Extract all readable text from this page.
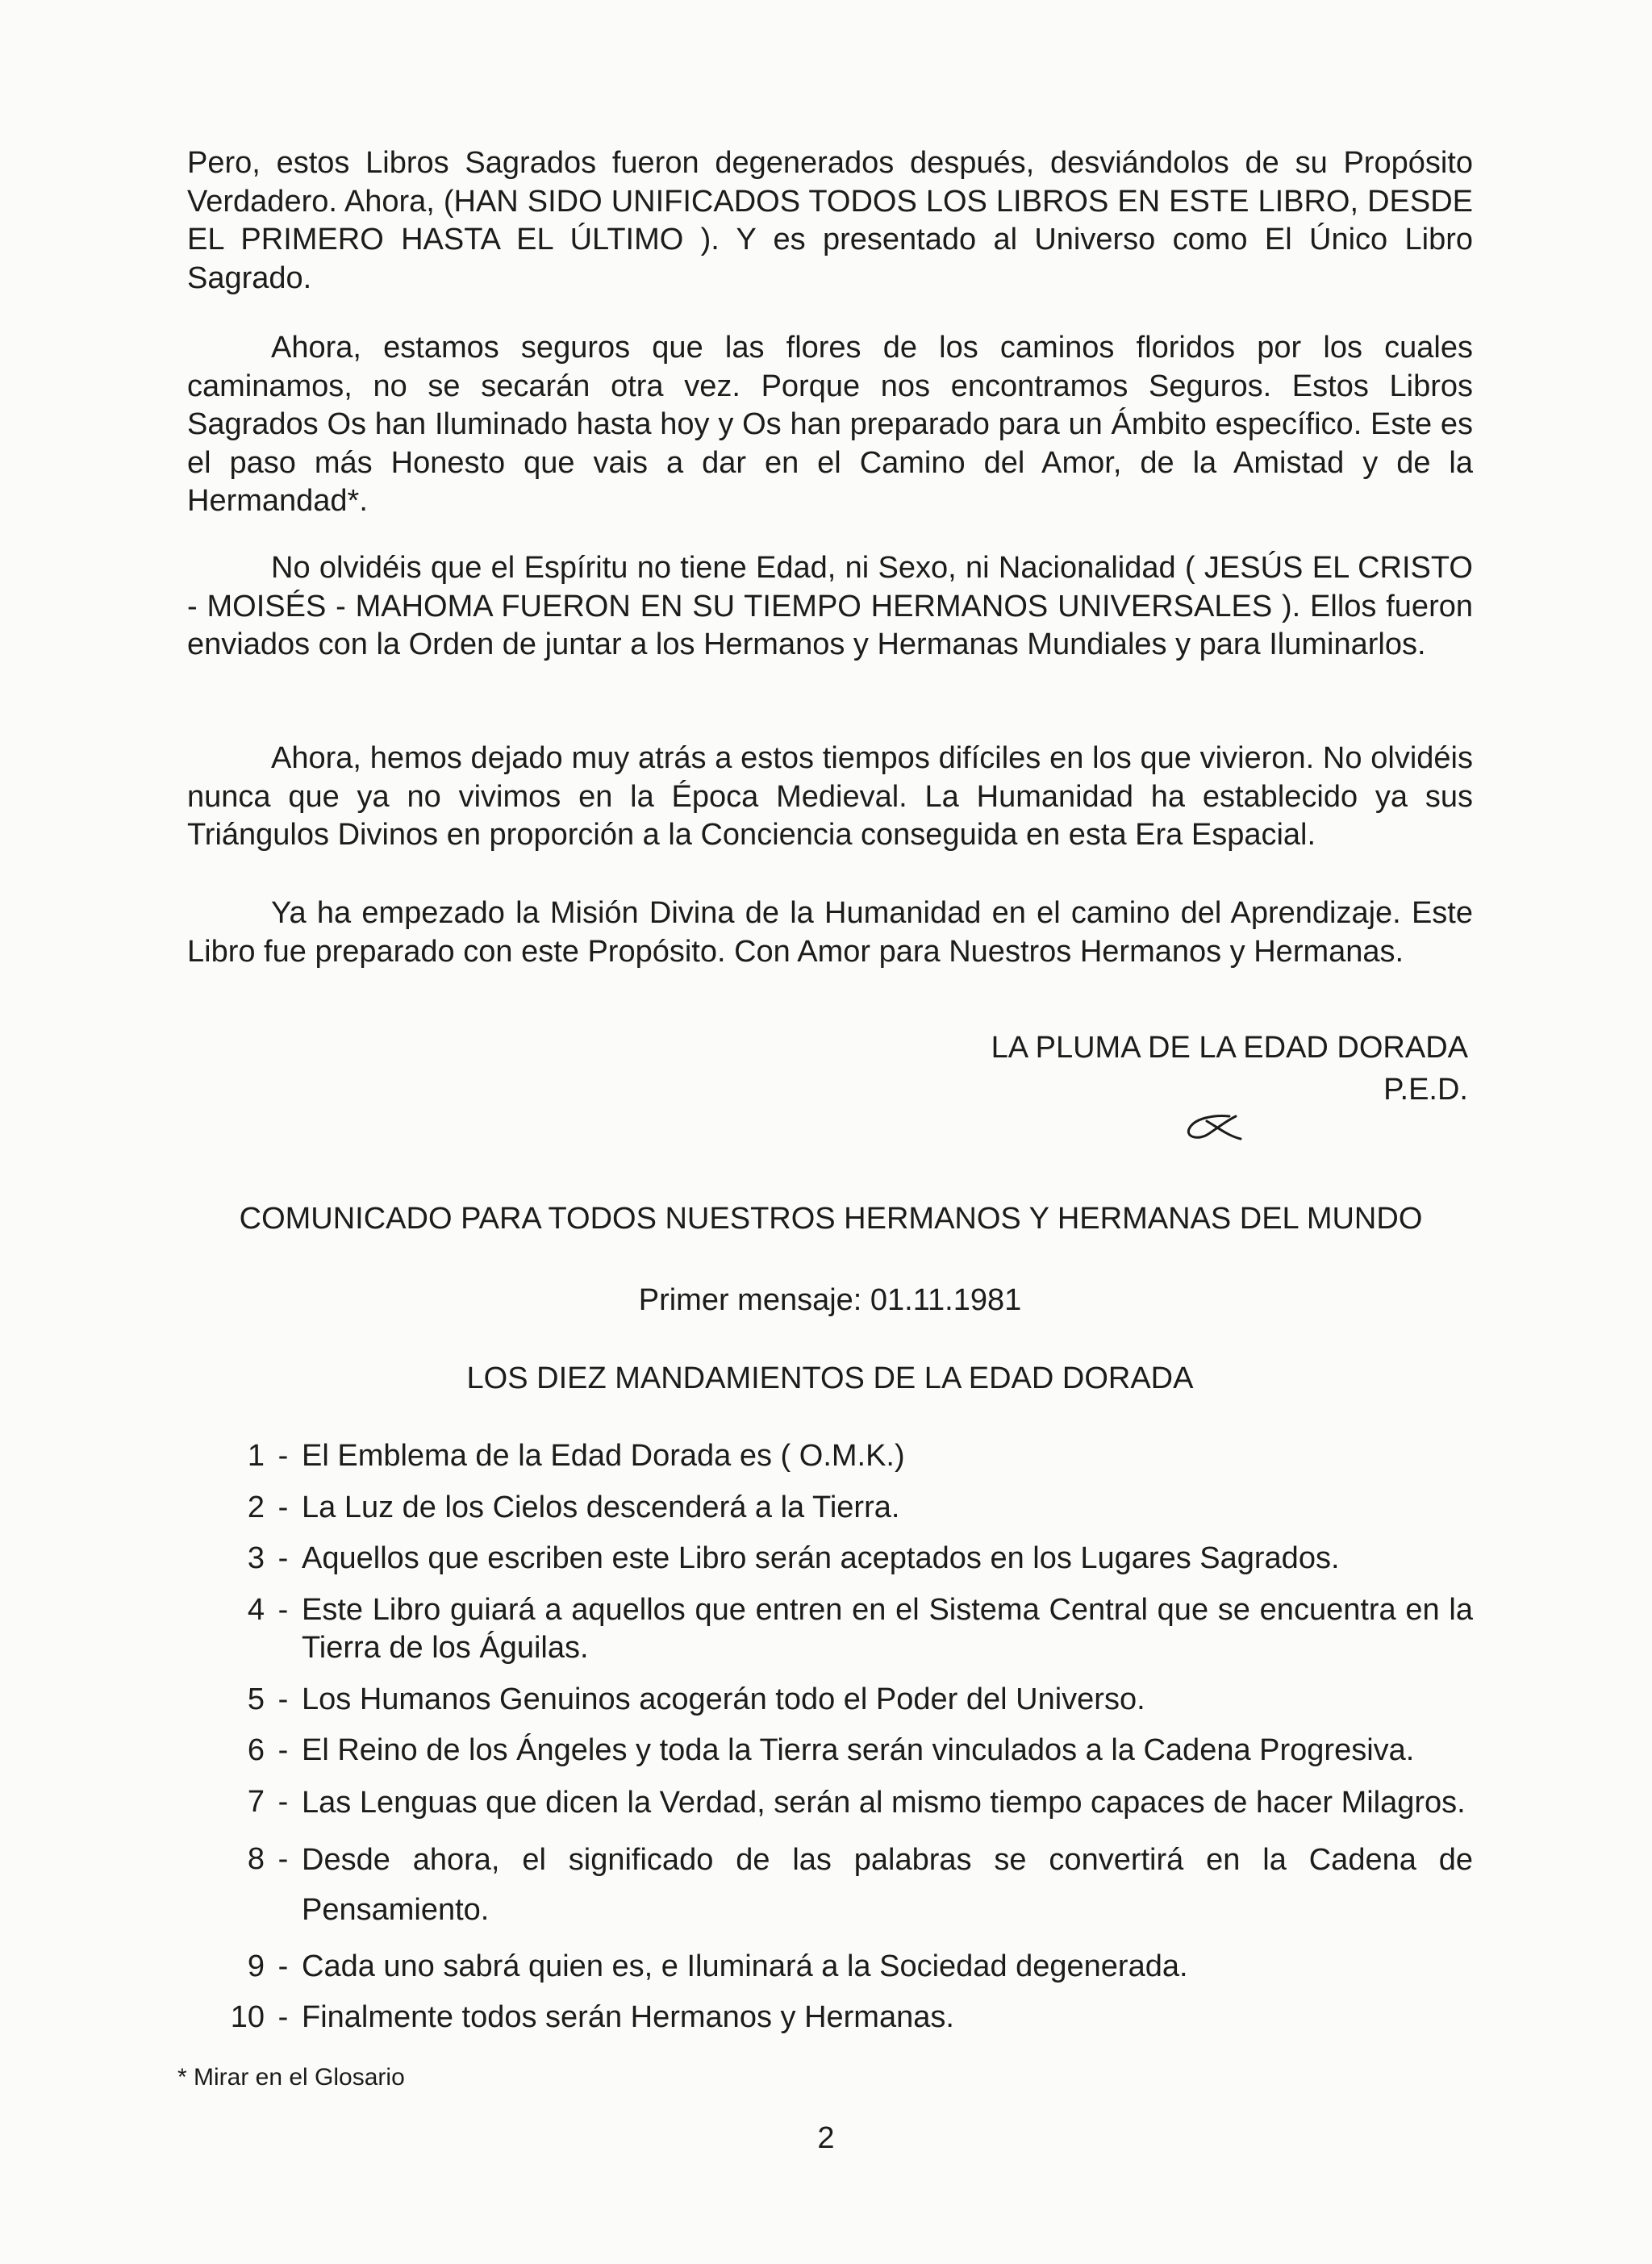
Pero, estos Libros Sagrados fueron degenerados después, desviándolos de su Propósito Verdadero. Ahora, (HAN SIDO UNIFICADOS TODOS LOS LIBROS EN ESTE LIBRO, DESDE EL PRIMERO HASTA EL ÚLTIMO ). Y es presentado al Universo como El Único Libro Sagrado.

Ahora, estamos seguros que las flores de los caminos floridos por los cuales caminamos, no se secarán otra vez. Porque nos encontramos Seguros. Estos Libros Sagrados Os han Iluminado hasta hoy y Os han preparado para un Ámbito específico. Este es el paso más Honesto que vais a dar en el Camino del Amor, de la Amistad y de la Hermandad*.

No olvidéis que el Espíritu no tiene Edad, ni Sexo, ni Nacionalidad ( JESÚS EL CRISTO - MOISÉS - MAHOMA FUERON EN SU TIEMPO HERMANOS UNIVERSALES ). Ellos fueron enviados con la Orden de juntar a los Hermanos y Hermanas Mundiales y para Iluminarlos.

Ahora, hemos dejado muy atrás a estos tiempos difíciles en los que vivieron. No olvidéis nunca que ya no vivimos en la Época Medieval. La Humanidad ha establecido ya sus Triángulos Divinos en proporción a la Conciencia conseguida en esta Era Espacial.

Ya ha empezado la Misión Divina de la Humanidad en el camino del Aprendizaje. Este Libro fue preparado con este Propósito. Con Amor para Nuestros Hermanos y Hermanas.

LA PLUMA DE LA EDAD DORADA

P.E.D.

COMUNICADO PARA TODOS NUESTROS HERMANOS Y HERMANAS DEL MUNDO

Primer mensaje: 01.11.1981

LOS DIEZ MANDAMIENTOS DE LA EDAD DORADA

1 - El Emblema de la Edad Dorada es ( O.M.K.)
2 - La Luz de los Cielos descenderá a la Tierra.
3 - Aquellos que escriben este Libro serán aceptados en los Lugares Sagrados.
4 - Este Libro guiará a aquellos que entren en el Sistema Central que se encuentra en la Tierra de los Águilas.
5 - Los Humanos Genuinos acogerán todo el Poder del Universo.
6 - El Reino de los Ángeles y toda la Tierra serán vinculados a la Cadena Progresiva.
7 - Las Lenguas que dicen la Verdad, serán al mismo tiempo capaces de hacer Milagros.
8 - Desde ahora, el significado de las palabras se convertirá en la Cadena de Pensamiento.
9 - Cada uno sabrá quien es, e Iluminará a la Sociedad degenerada.
10 - Finalmente todos serán Hermanos y Hermanas.

* Mirar en el Glosario

2
